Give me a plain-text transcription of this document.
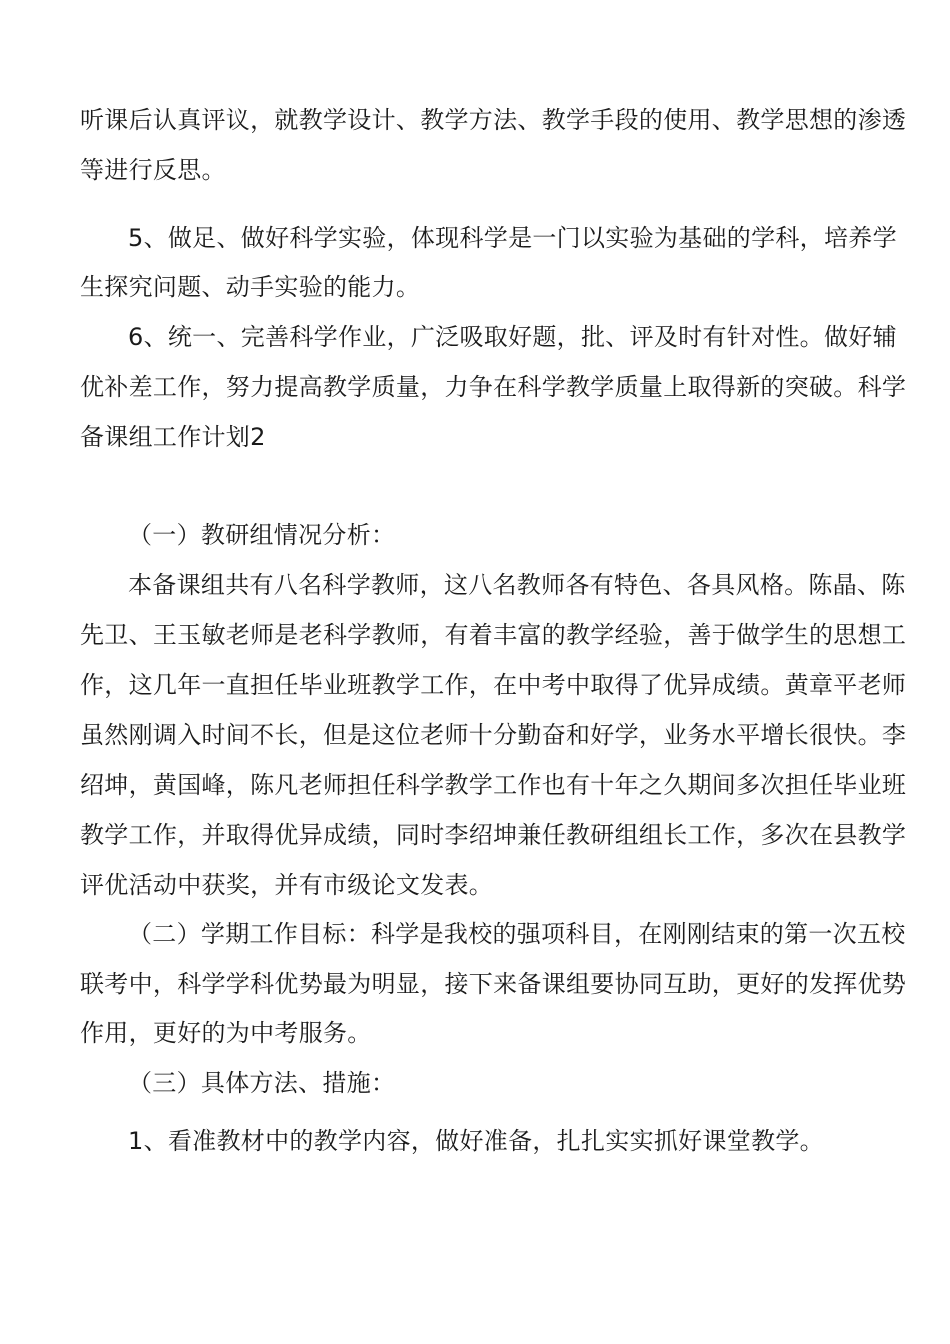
听课后认真评议，就教学设计、教学方法、教学手段的使用、教学思想的渗透

等进行反思。

5、做足、做好科学实验，体现科学是一门以实验为基础的学科，培养学

生探究问题、动手实验的能力。

6、统一、完善科学作业，广泛吸取好题，批、评及时有针对性。做好辅

优补差工作，努力提高教学质量，力争在科学教学质量上取得新的突破。科学

备课组工作计划2

（一）教研组情况分析：

本备课组共有八名科学教师，这八名教师各有特色、各具风格。陈晶、陈

先卫、王玉敏老师是老科学教师，有着丰富的教学经验，善于做学生的思想工

作，这几年一直担任毕业班教学工作，在中考中取得了优异成绩。黄章平老师

虽然刚调入时间不长，但是这位老师十分勤奋和好学，业务水平增长很快。李

绍坤，黄国峰，陈凡老师担任科学教学工作也有十年之久期间多次担任毕业班

教学工作，并取得优异成绩，同时李绍坤兼任教研组组长工作，多次在县教学

评优活动中获奖，并有市级论文发表。

（二）学期工作目标：科学是我校的强项科目，在刚刚结束的第一次五校

联考中，科学学科优势最为明显，接下来备课组要协同互助，更好的发挥优势

作用，更好的为中考服务。

（三）具体方法、措施：

1、看准教材中的教学内容，做好准备，扎扎实实抓好课堂教学。
